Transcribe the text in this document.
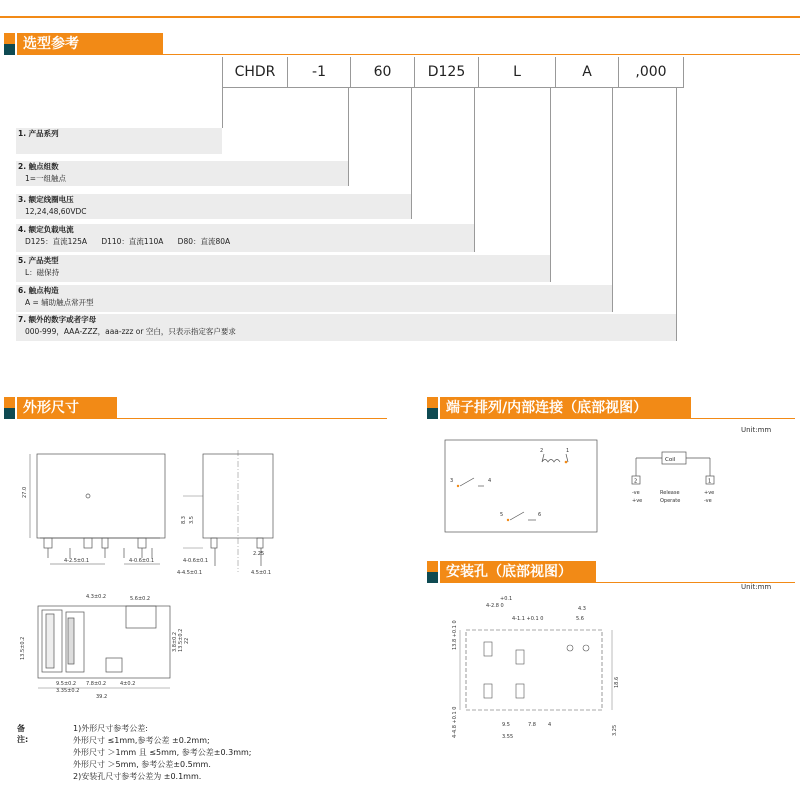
选型参考
CHDR	-1	60	D125	L	A	,000
1. 产品系列
2. 触点组数
1=一组触点
3. 额定线圈电压
12,24,48,60VDC
4. 额定负载电流
D125：直流125A      D110：直流110A      D80：直流80A
5. 产品类型
L：磁保持
6. 触点构造
A = 辅助触点常开型
7. 额外的数字或者字母
000-999，AAA-ZZZ，aaa-zzz or 空白，只表示指定客户要求
外形尺寸	端子排列/内部连接（底部视图）
Unit:mm
安装孔（底部视图）
Unit:mm
27.0
4-2.5±0.1	4-0.6±0.1
8.3 3.5
4-0.6±0.1
2.25
4-4.5±0.1	4.5±0.1
4.3±0.2	5.6±0.2
13.5±0.2	3.8±0.2 13.5±0.2 22
9.5±0.2 7.8±0.2	4±0.2
3.35±0.2
39.2
2	1
3	4
5	6
Coil
2	1
-ve
+ve
Release
Operate
+ve
-ve
+0.1
4-2.8 0	4.3
5.6
4-1.1 +0.1 0
13.8 +0.1 0
18.6
4-4.8 +0.1 0	9.5	7.8 4
3.55
3.25
备注:
1)外形尺寸参考公差:
外形尺寸 ≤1mm,参考公差 ±0.2mm;
外形尺寸 ＞1mm 且 ≤5mm, 参考公差±0.3mm;
外形尺寸 ＞5mm, 参考公差±0.5mm.
2)安装孔尺寸参考公差为 ±0.1mm.
